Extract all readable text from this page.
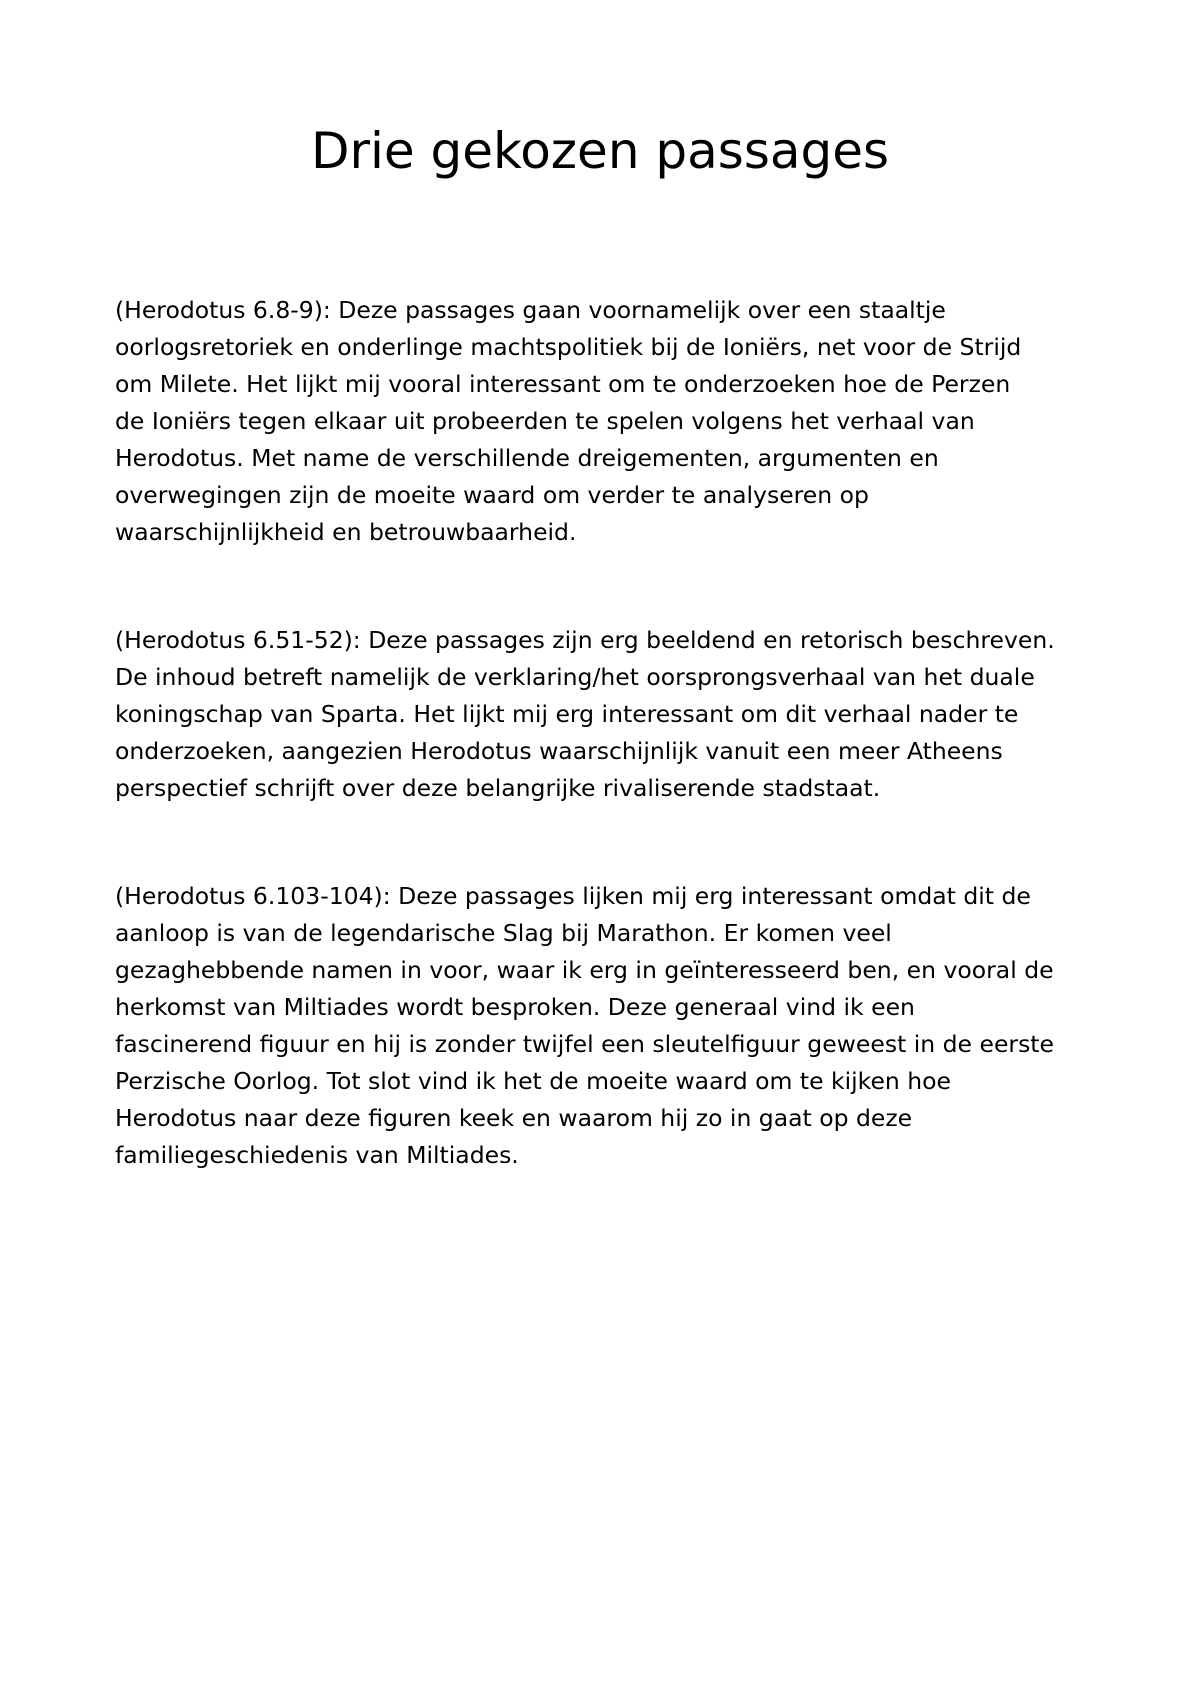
Drie gekozen passages

(Herodotus 6.8-9): Deze passages gaan voornamelijk over een staaltje
oorlogsretoriek en onderlinge machtspolitiek bij de Ioniërs, net voor de Strijd
om Milete. Het lijkt mij vooral interessant om te onderzoeken hoe de Perzen
de Ioniërs tegen elkaar uit probeerden te spelen volgens het verhaal van
Herodotus. Met name de verschillende dreigementen, argumenten en
overwegingen zijn de moeite waard om verder te analyseren op
waarschijnlijkheid en betrouwbaarheid.

(Herodotus 6.51-52): Deze passages zijn erg beeldend en retorisch beschreven.
De inhoud betreft namelijk de verklaring/het oorsprongsverhaal van het duale
koningschap van Sparta. Het lijkt mij erg interessant om dit verhaal nader te
onderzoeken, aangezien Herodotus waarschijnlijk vanuit een meer Atheens
perspectief schrijft over deze belangrijke rivaliserende stadstaat.

(Herodotus 6.103-104): Deze passages lijken mij erg interessant omdat dit de
aanloop is van de legendarische Slag bij Marathon. Er komen veel
gezaghebbende namen in voor, waar ik erg in geïnteresseerd ben, en vooral de
herkomst van Miltiades wordt besproken. Deze generaal vind ik een
fascinerend figuur en hij is zonder twijfel een sleutelfiguur geweest in de eerste
Perzische Oorlog. Tot slot vind ik het de moeite waard om te kijken hoe
Herodotus naar deze figuren keek en waarom hij zo in gaat op deze
familiegeschiedenis van Miltiades.
